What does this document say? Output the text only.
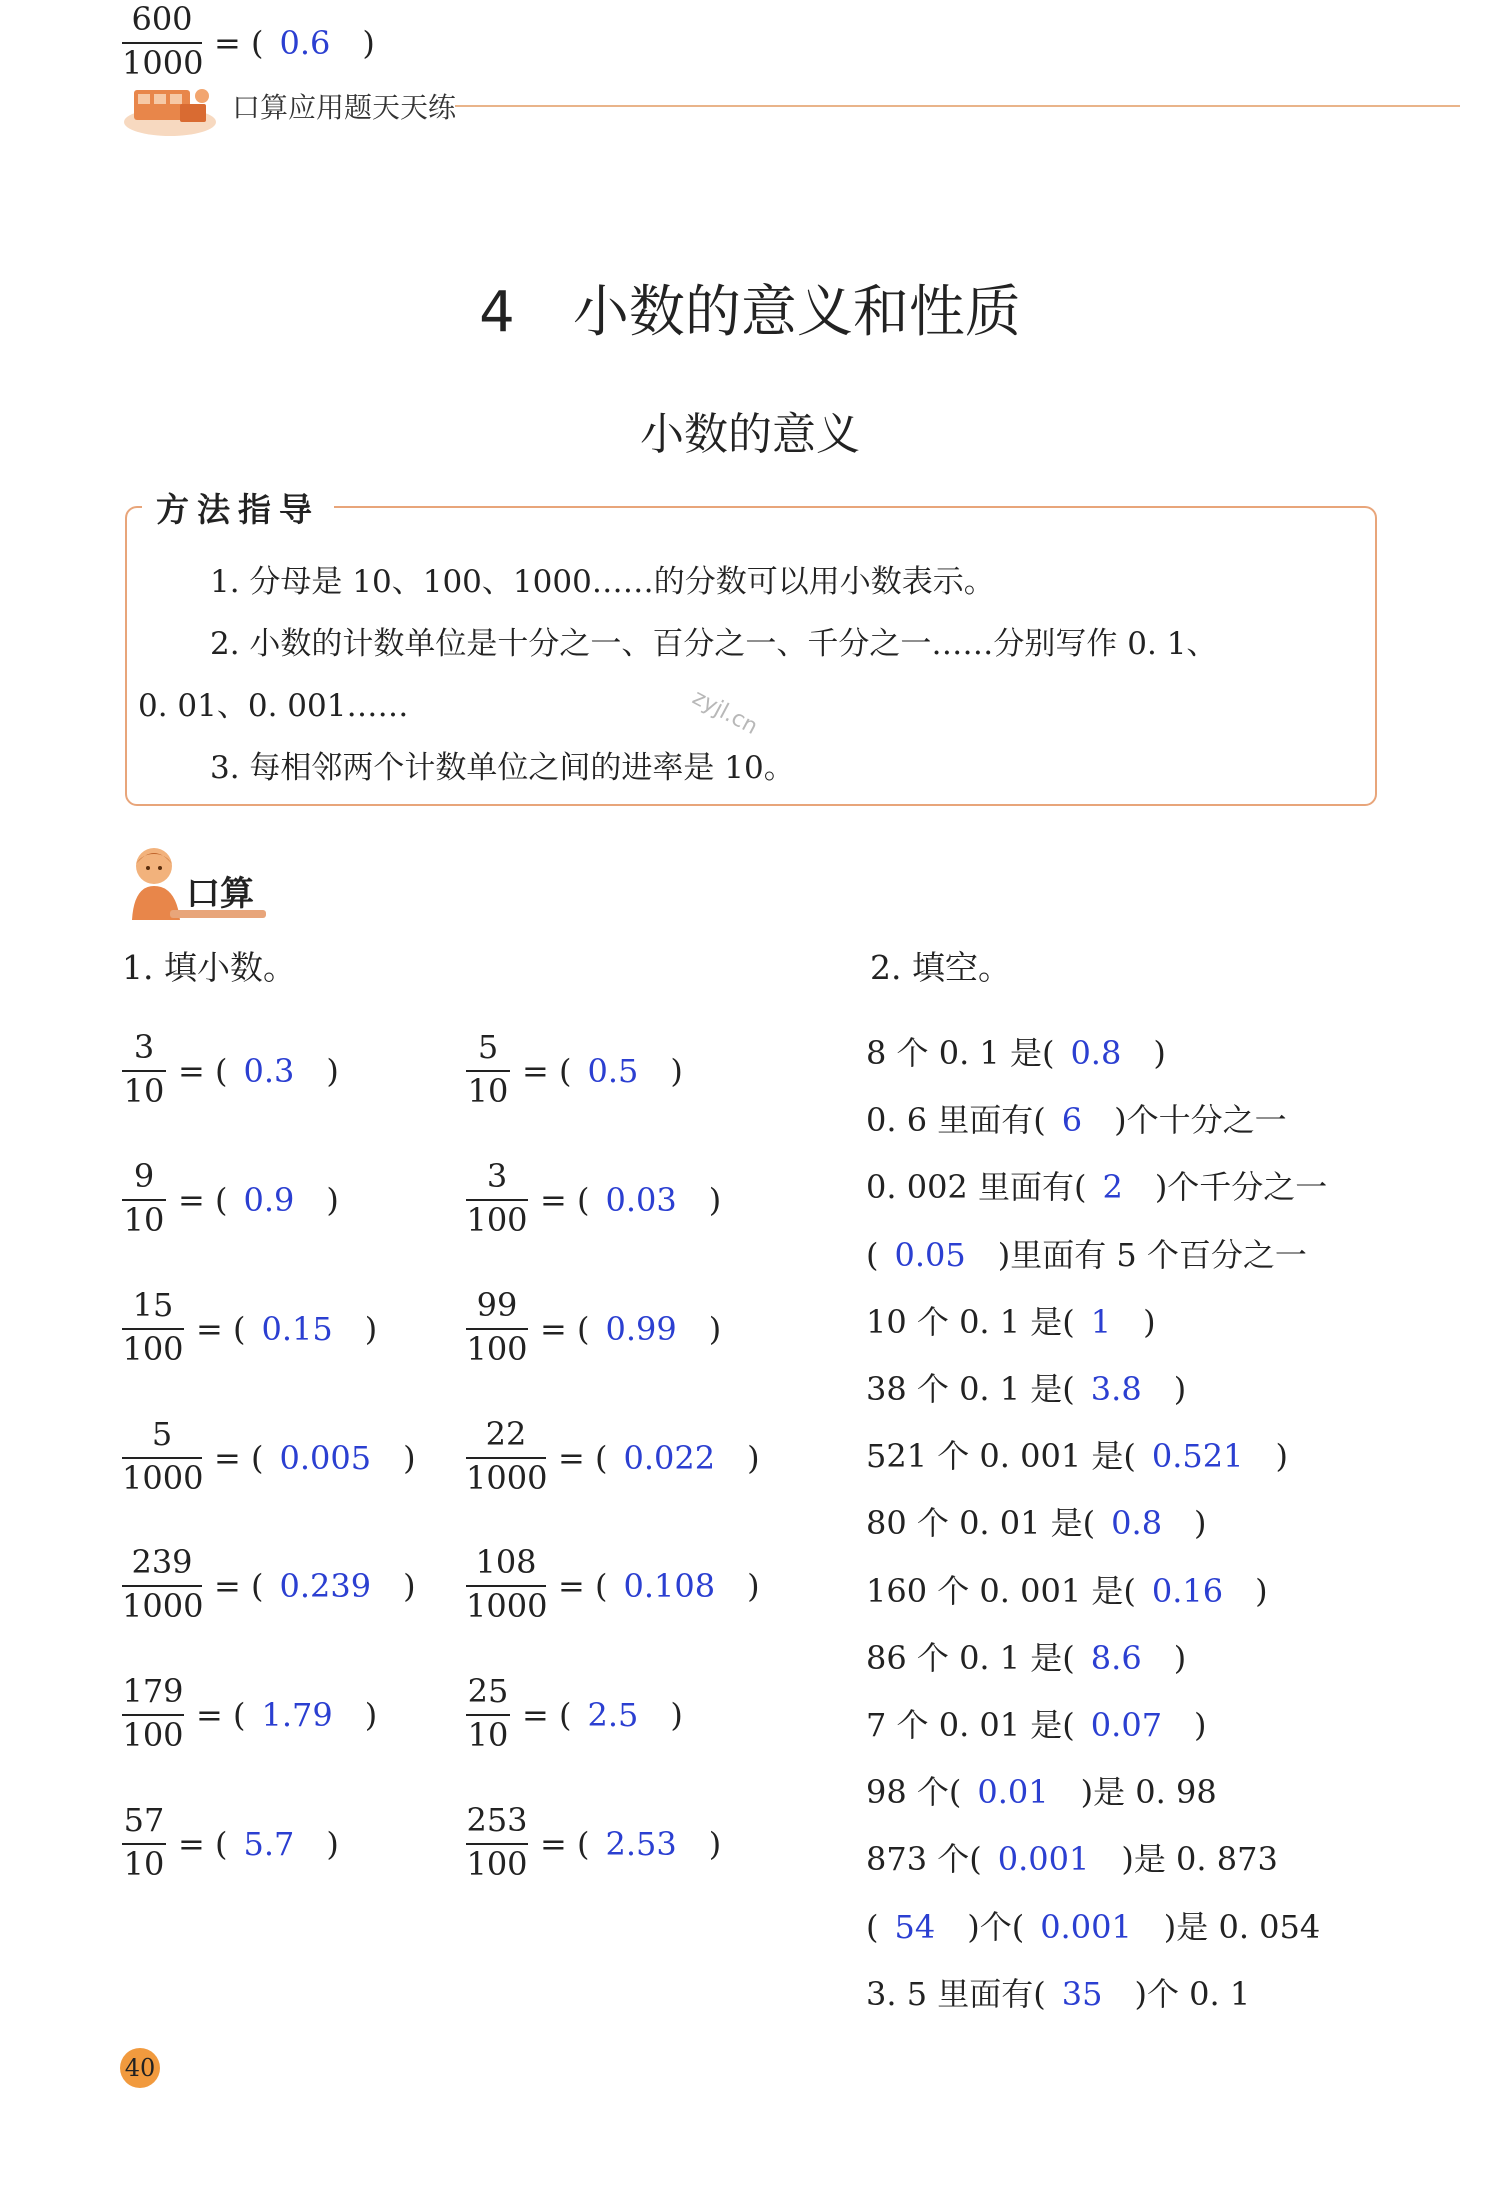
口算应用题天天练
4 小数的意义和性质
小数的意义
方法指导
1. 分母是 10、100、1000……的分数可以用小数表示。
2. 小数的计数单位是十分之一、百分之一、千分之一……分别写作 0. 1、
0. 01、0. 001……
3. 每相邻两个计数单位之间的进率是 10。
zyjl.cn
口算
1. 填小数。
3
10
= ( 0.3 )
5
10
= ( 0.5 )
9
10
= ( 0.9 )
3
100
= ( 0.03 )
15
100
= ( 0.15 )
99
100
= ( 0.99 )
5
1000
= ( 0.005 )
22
1000
= ( 0.022 )
239
1000
= ( 0.239 )
108
1000
= ( 0.108 )
179
100
= ( 1.79 )
25
10
= ( 2.5 )
57
10
= ( 5.7 )
253
100
= ( 2.53 )
600
1000
= ( 0.6 )
2. 填空。
8 个 0. 1 是( 0.8 )
0. 6 里面有( 6 )个十分之一
0. 002 里面有( 2 )个千分之一
( 0.05 )里面有 5 个百分之一
10 个 0. 1 是( 1 )
38 个 0. 1 是( 3.8 )
521 个 0. 001 是( 0.521 )
80 个 0. 01 是( 0.8 )
160 个 0. 001 是( 0.16 )
86 个 0. 1 是( 8.6 )
7 个 0. 01 是( 0.07 )
98 个( 0.01 )是 0. 98
873 个( 0.001 )是 0. 873
( 54 )个(  0.001 )是 0. 054
3. 5 里面有( 35 )个 0. 1
40
